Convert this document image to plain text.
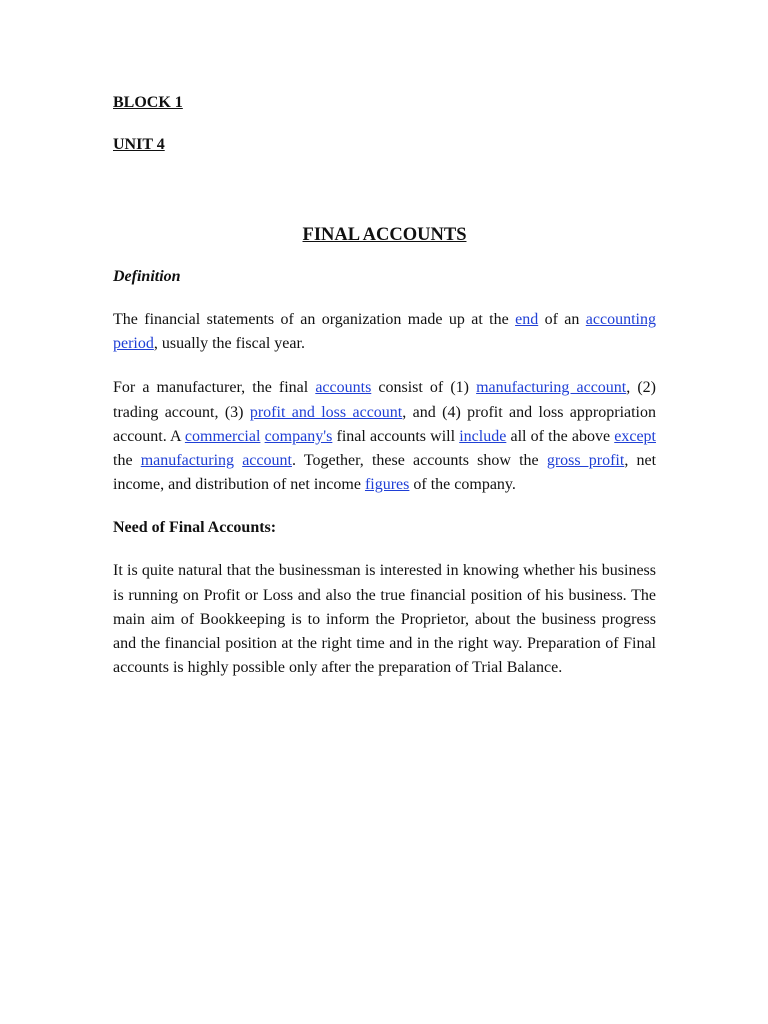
BLOCK 1

UNIT 4

FINAL ACCOUNTS

Definition

The financial statements of an organization made up at the end of an accounting period, usually the fiscal year.

For a manufacturer, the final accounts consist of (1) manufacturing account, (2) trading account, (3) profit and loss account, and (4) profit and loss appropriation account. A commercial company's final accounts will include all of the above except the manufacturing account. Together, these accounts show the gross profit, net income, and distribution of net income figures of the company.

Need of Final Accounts:

It is quite natural that the businessman is interested in knowing whether his business is running on Profit or Loss and also the true financial position of his business. The main aim of Bookkeeping is to inform the Proprietor, about the business progress and the financial position at the right time and in the right way. Preparation of Final accounts is highly possible only after the preparation of Trial Balance.
